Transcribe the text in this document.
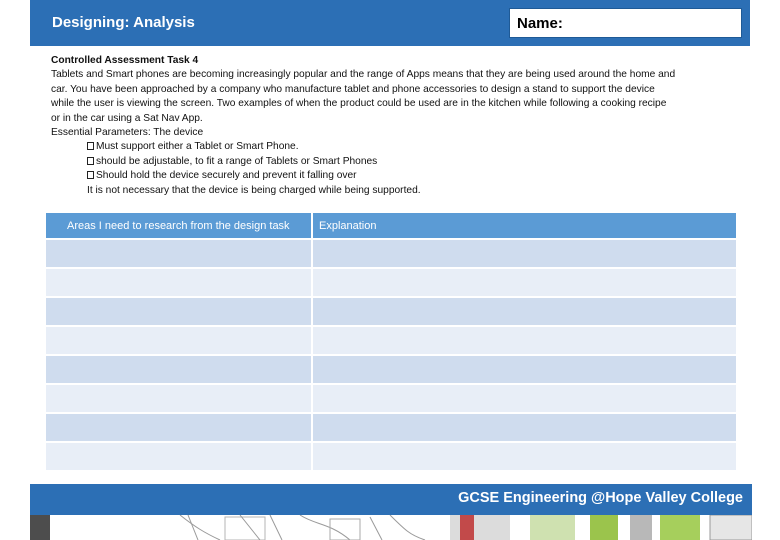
Designing: Analysis	Name:
Controlled Assessment Task 4
Tablets and Smart phones are becoming increasingly popular and the range of Apps means that they are being used around the home and
car. You have been approached by a company who manufacture tablet and phone accessories to design a stand to support the device
while the user is viewing the screen. Two examples of when the product could be used are in the kitchen while following a cooking recipe
or in the car using a Sat Nav App.
Essential Parameters: The device
Must support either a Tablet or Smart Phone.
should be adjustable, to fit a range of Tablets or Smart Phones
Should hold the device securely and prevent it falling over
It is not necessary that the device is being charged while being supported.
Areas I need to research from the design task	Explanation

GCSE Engineering @Hope Valley College
